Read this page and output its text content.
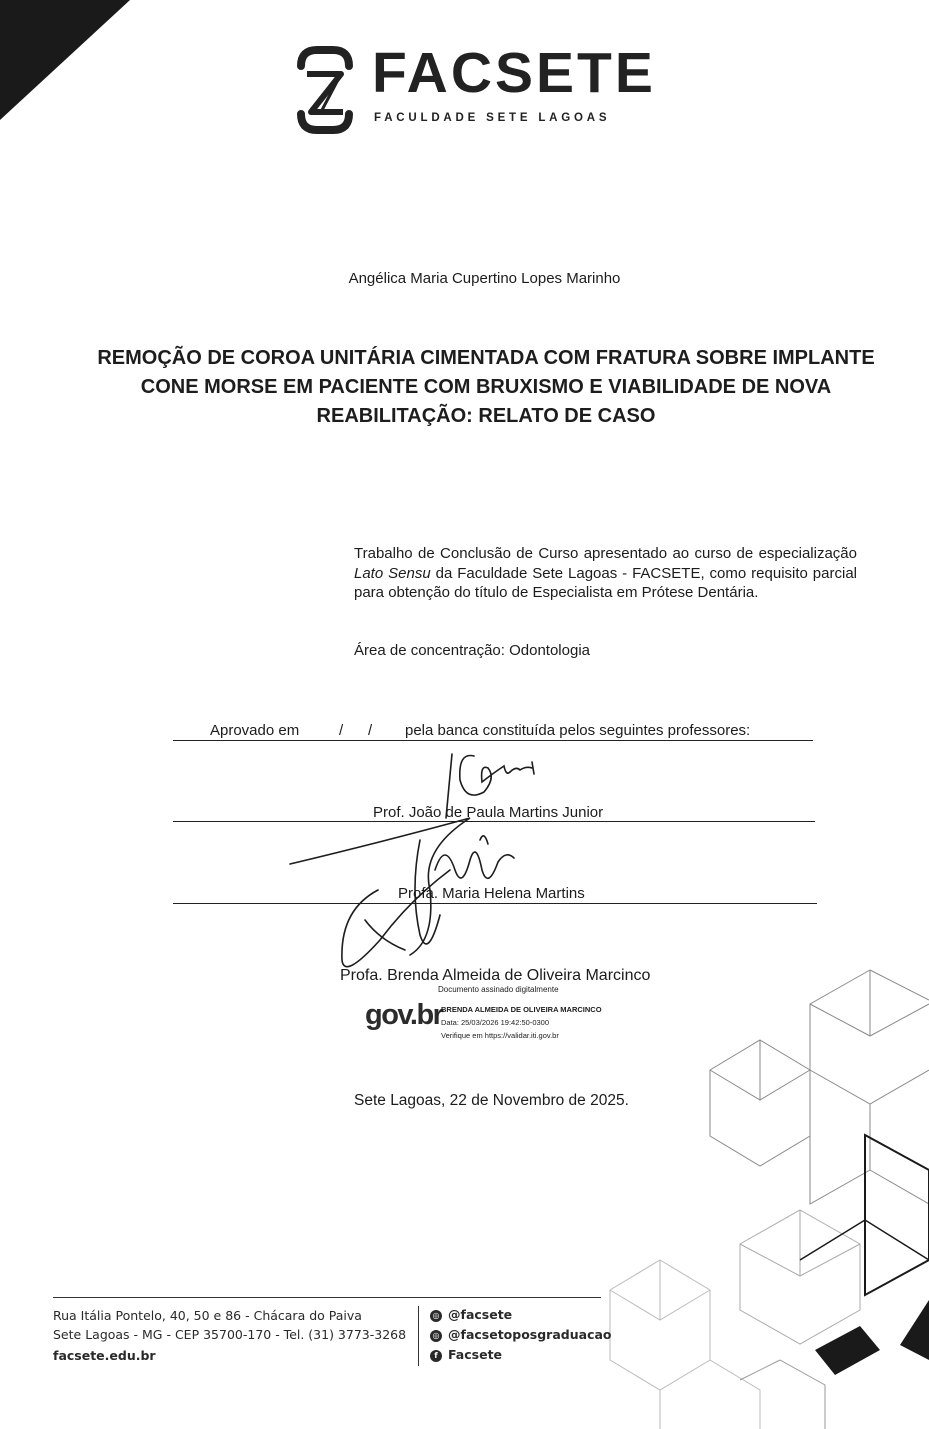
FACSETE
FACULDADE SETE LAGOAS
Angélica Maria Cupertino Lopes Marinho
REMOÇÃO DE COROA UNITÁRIA CIMENTADA COM FRATURA SOBRE IMPLANTE CONE MORSE EM PACIENTE COM BRUXISMO E VIABILIDADE DE NOVA REABILITAÇÃO: RELATO DE CASO

Trabalho de Conclusão de Curso apresentado ao curso de especialização Lato Sensu da Faculdade Sete Lagoas - FACSETE, como requisito parcial para obtenção do título de Especialista em Prótese Dentária.

Área de concentração: Odontologia
Aprovado em	/ / pela banca constituída pelos seguintes professores:
Prof. João de Paula Martins Junior
Profa. Maria Helena Martins
Profa. Brenda Almeida de Oliveira Marcinco
gov.br
Documento assinado digitalmente
BRENDA ALMEIDA DE OLIVEIRA MARCINCO
Data: 25/03/2026 19:42:50-0300
Verifique em https://validar.iti.gov.br
Sete Lagoas, 22 de Novembro de 2025.
Rua Itália Pontelo, 40, 50 e 86 - Chácara do Paiva
Sete Lagoas - MG - CEP 35700-170 - Tel. (31) 3773-3268
facsete.edu.br
◎ @facsete
◎ @facsetoposgraduacao
f Facsete
